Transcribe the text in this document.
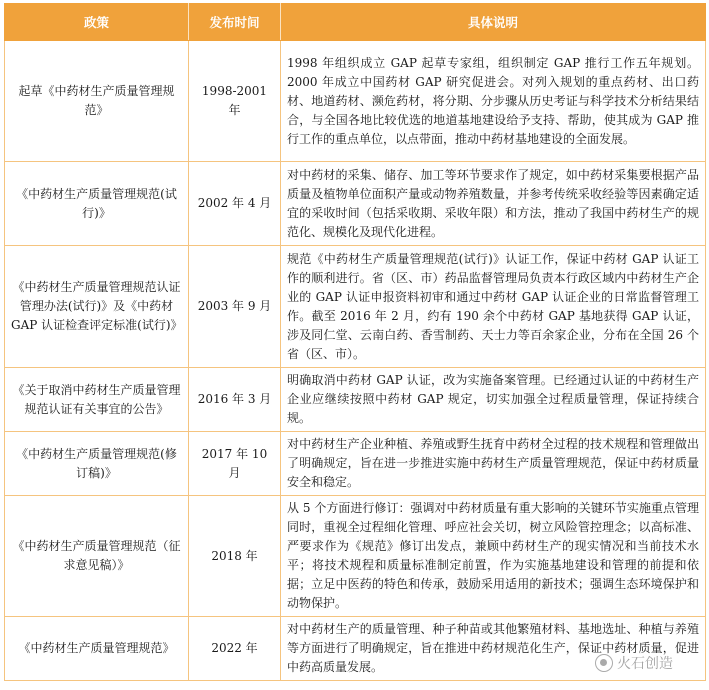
政策	发布时间	具体说明
起草《中药材生产质量管理规范》	1998-2001 年	1998 年组织成立 GAP 起草专家组，组织制定 GAP 推行工作五年规划。2000 年成立中国药材 GAP 研究促进会。对列入规划的重点药材、出口药材、地道药材、濒危药材，将分期、分步骤从历史考证与科学技术分析结果结合，与全国各地比较优选的地道基地建设给予支持、帮助，使其成为 GAP 推行工作的重点单位，以点带面，推动中药材基地建设的全面发展。
《中药材生产质量管理规范(试行)》	2002 年 4 月	对中药材的采集、储存、加工等环节要求作了规定，如中药材采集要根据产品质量及植物单位面积产量或动物养殖数量，并参考传统采收经验等因素确定适宜的采收时间（包括采收期、采收年限）和方法，推动了我国中药材生产的规范化、规模化及现代化进程。
《中药材生产质量管理规范认证管理办法(试行)》及《中药材 GAP 认证检查评定标准(试行)》	2003 年 9 月	规范《中药材生产质量管理规范(试行)》认证工作，保证中药材 GAP 认证工作的顺利进行。省（区、市）药品监督管理局负责本行政区域内中药材生产企业的 GAP 认证申报资料初审和通过中药材 GAP 认证企业的日常监督管理工作。截至 2016 年 2 月，约有 190 余个中药材 GAP 基地获得 GAP 认证，涉及同仁堂、云南白药、香雪制药、天士力等百余家企业，分布在全国 26 个省（区、市）。
《关于取消中药材生产质量管理规范认证有关事宜的公告》	2016 年 3 月	明确取消中药材 GAP 认证，改为实施备案管理。已经通过认证的中药材生产企业应继续按照中药材 GAP 规定，切实加强全过程质量管理，保证持续合规。
《中药材生产质量管理规范(修订稿)》	2017 年 10 月	对中药材生产企业种植、养殖或野生抚育中药材全过程的技术规程和管理做出了明确规定，旨在进一步推进实施中药材生产质量管理规范，保证中药材质量安全和稳定。
《中药材生产质量管理规范（征求意见稿）》	2018 年	从 5 个方面进行修订：强调对中药材质量有重大影响的关键环节实施重点管理同时，重视全过程细化管理、呼应社会关切，树立风险管控理念；以高标准、严要求作为《规范》修订出发点，兼顾中药材生产的现实情况和当前技术水平；将技术规程和质量标准制定前置，作为实施基地建设和管理的前提和依据；立足中医药的特色和传承，鼓励采用适用的新技术；强调生态环境保护和动物保护。
《中药材生产质量管理规范》	2022 年	对中药材生产的质量管理、种子种苗或其他繁殖材料、基地选址、种植与养殖等方面进行了明确规定，旨在推进中药材规范化生产，保证中药材质量，促进中药高质量发展。	火石创造
